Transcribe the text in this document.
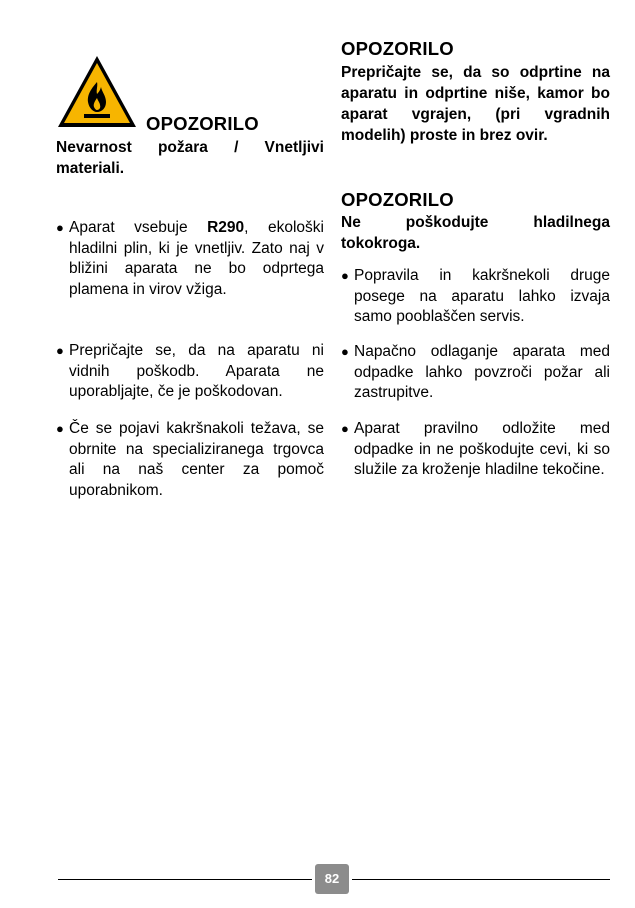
OPOZORILO
Nevarnost požara / Vnetljivi materiali.
● Aparat vsebuje R290, ekološki hladilni plin, ki je vnetljiv. Zato naj v bližini aparata ne bo odprtega plamena in virov vžiga.
● Prepričajte se, da na aparatu ni vidnih poškodb. Aparata ne uporabljajte, če je poškodovan.
● Če se pojavi kakršnakoli težava, se obrnite na specializiranega trgovca ali na naš center za pomoč uporabnikom.
OPOZORILO
Prepričajte se, da so odprtine na aparatu in odprtine niše, kamor bo aparat vgrajen, (pri vgradnih modelih) proste in brez ovir.
OPOZORILO
Ne poškodujte hladilnega tokokroga.
● Popravila in kakršnekoli druge posege na aparatu lahko izvaja samo pooblaščen servis.
● Napačno odlaganje aparata med odpadke lahko povzroči požar ali zastrupitve.
● Aparat pravilno odložite med odpadke in ne poškodujte cevi, ki so služile za kroženje hladilne tekočine.
82
